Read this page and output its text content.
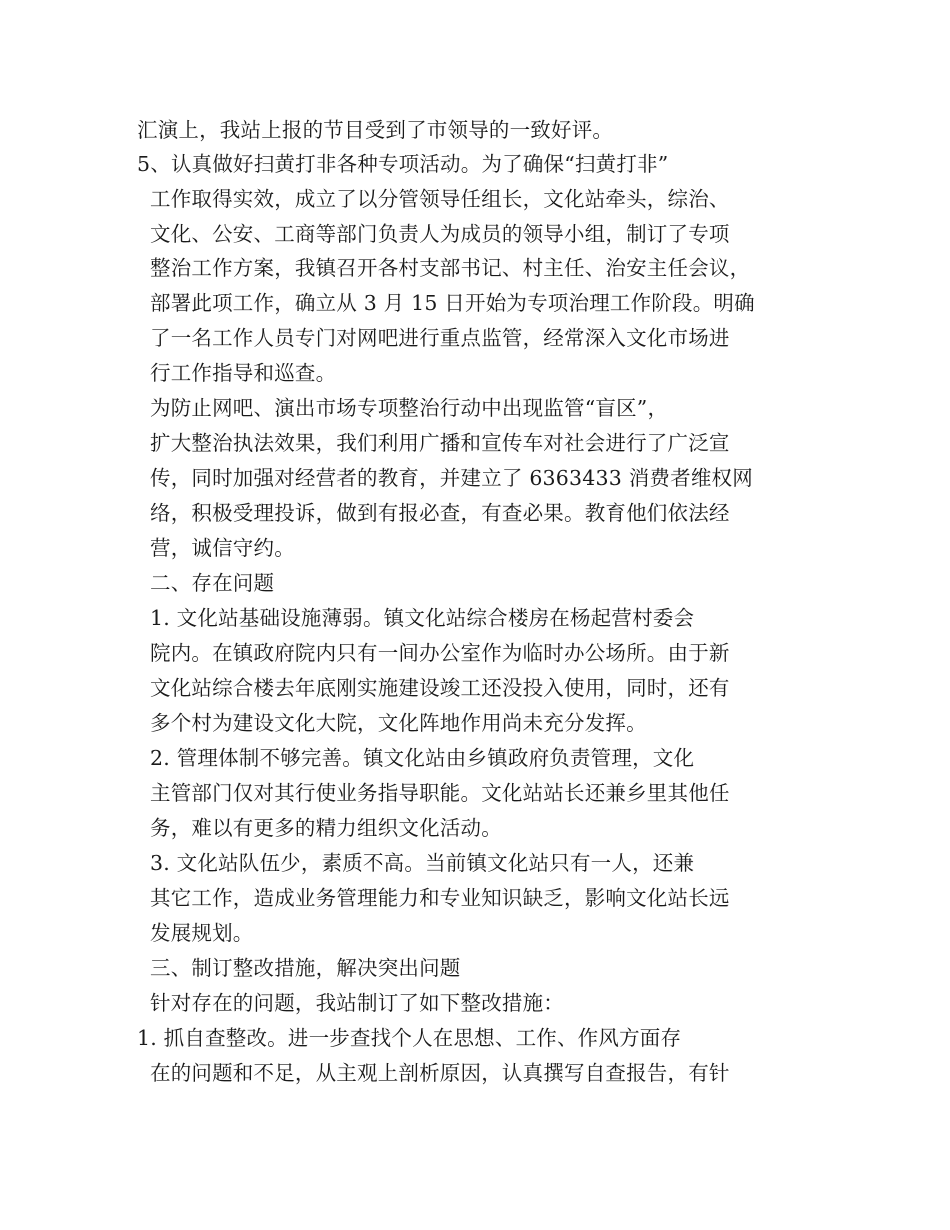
汇演上，我站上报的节目受到了市领导的一致好评。
5、认真做好扫黄打非各种专项活动。为了确保“扫黄打非”
工作取得实效，成立了以分管领导任组长，文化站牵头，综治、
文化、公安、工商等部门负责人为成员的领导小组，制订了专项
整治工作方案，我镇召开各村支部书记、村主任、治安主任会议，
部署此项工作，确立从 3 月 15 日开始为专项治理工作阶段。明确
了一名工作人员专门对网吧进行重点监管，经常深入文化市场进
行工作指导和巡查。
为防止网吧、演出市场专项整治行动中出现监管“盲区”，
扩大整治执法效果，我们利用广播和宣传车对社会进行了广泛宣
传，同时加强对经营者的教育，并建立了 6363433 消费者维权网
络，积极受理投诉，做到有报必查，有查必果。教育他们依法经
营，诚信守约。
二、存在问题
1. 文化站基础设施薄弱。镇文化站综合楼房在杨起营村委会
院内。在镇政府院内只有一间办公室作为临时办公场所。由于新
文化站综合楼去年底刚实施建设竣工还没投入使用，同时，还有
多个村为建设文化大院，文化阵地作用尚未充分发挥。
2. 管理体制不够完善。镇文化站由乡镇政府负责管理，文化
主管部门仅对其行使业务指导职能。文化站站长还兼乡里其他任
务，难以有更多的精力组织文化活动。
3. 文化站队伍少，素质不高。当前镇文化站只有一人，还兼
其它工作，造成业务管理能力和专业知识缺乏，影响文化站长远
发展规划。
三、制订整改措施，解决突出问题
针对存在的问题，我站制订了如下整改措施：
1. 抓自查整改。进一步查找个人在思想、工作、作风方面存
在的问题和不足，从主观上剖析原因，认真撰写自查报告，有针
